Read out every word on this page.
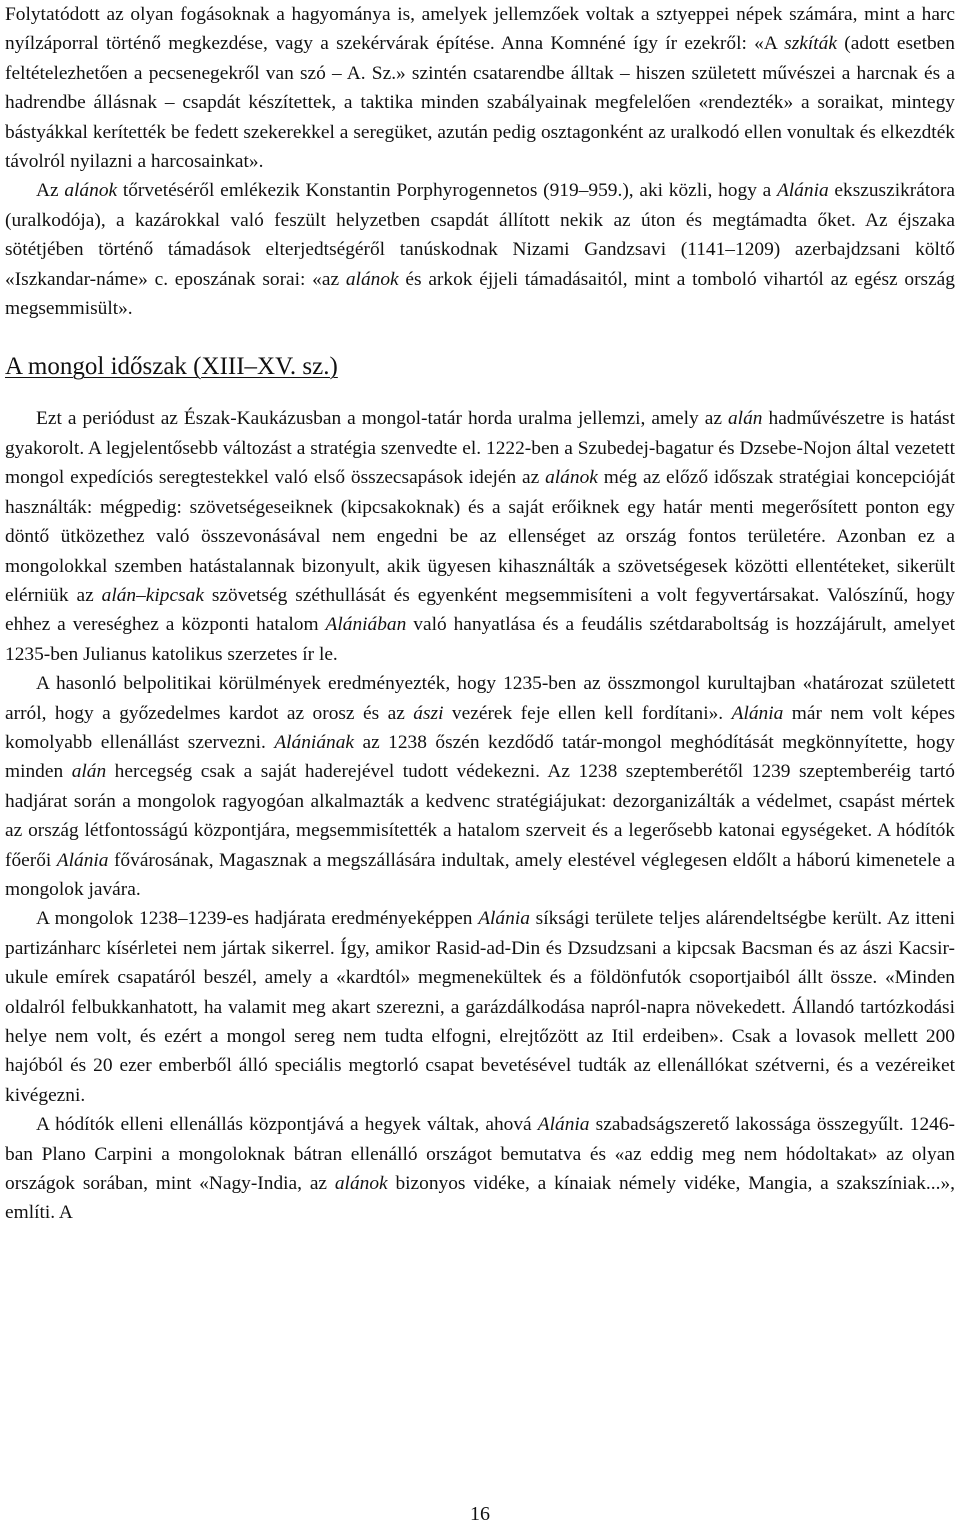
Folytatódott az olyan fogásoknak a hagyománya is, amelyek jellemzőek voltak a sztyeppei népek számára, mint a harc nyílzáporral történő megkezdése, vagy a szekérvárak építése. Anna Komnéné így ír ezekről: «A szkíták (adott esetben feltételezhetően a pecsenegekről van szó – A. Sz.» szintén csatarendbe álltak – hiszen született művészei a harcnak és a hadrendbe állásnak – csapdát készítettek, a taktika minden szabályainak megfelelően «rendezték» a soraikat, mintegy bástyákkal kerítették be fedett szekerekkel a seregüket, azután pedig osztagonként az uralkodó ellen vonultak és elkezdték távolról nyilazni a harcosainkat».

Az alánok tőrvetéséről emlékezik Konstantin Porphyrogennetos (919–959.), aki közli, hogy a Alánia ekszuszikrátora (uralkodója), a kazárokkal való feszült helyzetben csapdát állított nekik az úton és megtámadta őket. Az éjszaka sötétjében történő támadások elterjedtségéről tanúskodnak Nizami Gandzsavi (1141–1209) azerbajdzsani költő «Iszkandar-náme» c. eposzának sorai: «az alánok és arkok éjjeli támadásaitól, mint a tomboló vihartól az egész ország megsemmisült».

A mongol időszak (XIII–XV. sz.)

Ezt a periódust az Észak-Kaukázusban a mongol-tatár horda uralma jellemzi, amely az alán hadművészetre is hatást gyakorolt. A legjelentősebb változást a stratégia szenvedte el. 1222-ben a Szubedej-bagatur és Dzsebe-Nojon által vezetett mongol expedíciós seregtestekkel való első összecsapások idején az alánok még az előző időszak stratégiai koncepcióját használták: mégpedig: szövetségeseiknek (kipcsakoknak) és a saját erőiknek egy határ menti megerősített ponton egy döntő ütközethez való összevonásával nem engedni be az ellenséget az ország fontos területére. Azonban ez a mongolokkal szemben hatástalannak bizonyult, akik ügyesen kihasználták a szövetségesek közötti ellentéteket, sikerült elérniük az alán–kipcsak szövetség széthullását és egyenként megsemmisíteni a volt fegyvertársakat. Valószínű, hogy ehhez a vereséghez a központi hatalom Alániában való hanyatlása és a feudális szétdaraboltság is hozzájárult, amelyet 1235-ben Julianus katolikus szerzetes ír le.

A hasonló belpolitikai körülmények eredményezték, hogy 1235-ben az összmongol kurultajban «határozat született arról, hogy a győzedelmes kardot az orosz és az ászi vezérek feje ellen kell fordítani». Alánia már nem volt képes komolyabb ellenállást szervezni. Alániának az 1238 őszén kezdődő tatár-mongol meghódítását megkönnyítette, hogy minden alán hercegség csak a saját haderejével tudott védekezni. Az 1238 szeptemberétől 1239 szeptemberéig tartó hadjárat során a mongolok ragyogóan alkalmazták a kedvenc stratégiájukat: dezorganizálták a védelmet, csapást mértek az ország létfontosságú központjára, megsemmisítették a hatalom szerveit és a legerősebb katonai egységeket. A hódítók főerői Alánia fővárosának, Magasznak a megszállására indultak, amely elestével véglegesen eldőlt a háború kimenetele a mongolok javára.

A mongolok 1238–1239-es hadjárata eredményeképpen Alánia síksági területe teljes alárendeltségbe került. Az itteni partizánharc kísérletei nem jártak sikerrel. Így, amikor Rasid-ad-Din és Dzsudzsani a kipcsak Bacsman és az ászi Kacsir-ukule emírek csapatáról beszél, amely a «kardtól» megmenekültek és a földönfutók csoportjaiból állt össze. «Minden oldalról felbukkanhatott, ha valamit meg akart szerezni, a garázdálkodása napról-napra növekedett. Állandó tartózkodási helye nem volt, és ezért a mongol sereg nem tudta elfogni, elrejtőzött az Itil erdeiben». Csak a lovasok mellett 200 hajóból és 20 ezer emberből álló speciális megtorló csapat bevetésével tudták az ellenállókat szétverni, és a vezéreiket kivégezni.

A hódítók elleni ellenállás központjává a hegyek váltak, ahová Alánia szabadságszerető lakossága összegyűlt. 1246-ban Plano Carpini a mongoloknak bátran ellenálló országot bemutatva és «az eddig meg nem hódoltakat» az olyan országok sorában, mint «Nagy-India, az alánok bizonyos vidéke, a kínaiak némely vidéke, Mangia, a szakszíniak...», említi. A

16
